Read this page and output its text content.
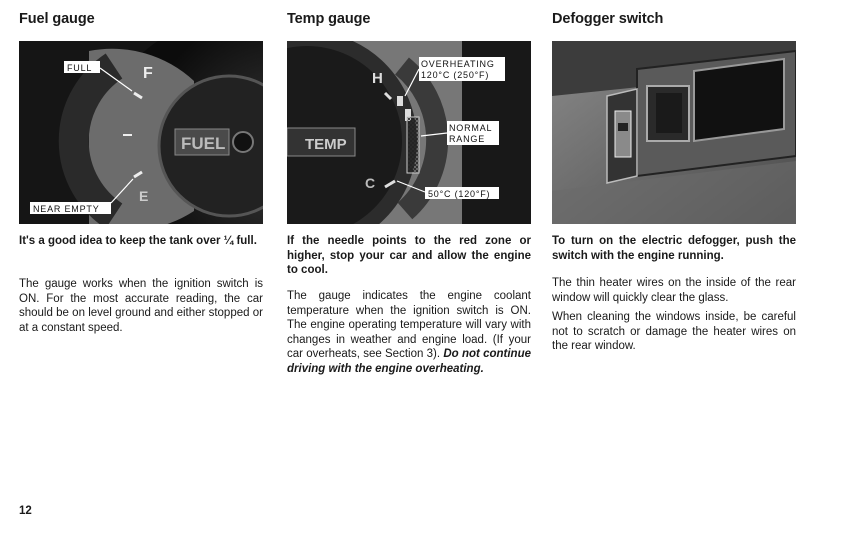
Fuel gauge
F
E
FUEL
FULL
NEAR EMPTY
It's a good idea to keep the tank over ¼ full.
The gauge works when the ignition switch is ON. For the most accurate reading, the car should be on level ground and either stopped or at a constant speed.
Temp gauge
H
C
TEMP
OVERHEATING
120°C (250°F)
NORMAL
RANGE
50°C (120°F)
If the needle points to the red zone or higher, stop your car and allow the engine to cool.
The gauge indicates the engine coolant temperature when the ignition switch is ON. The engine operating temperature will vary with changes in weather and engine load. (If your car overheats, see Section 3). Do not continue driving with the engine overheating.
Defogger switch
To turn on the electric defogger, push the switch with the engine running.
The thin heater wires on the inside of the rear window will quickly clear the glass.
When cleaning the windows inside, be careful not to scratch or damage the heater wires on the rear window.
12
